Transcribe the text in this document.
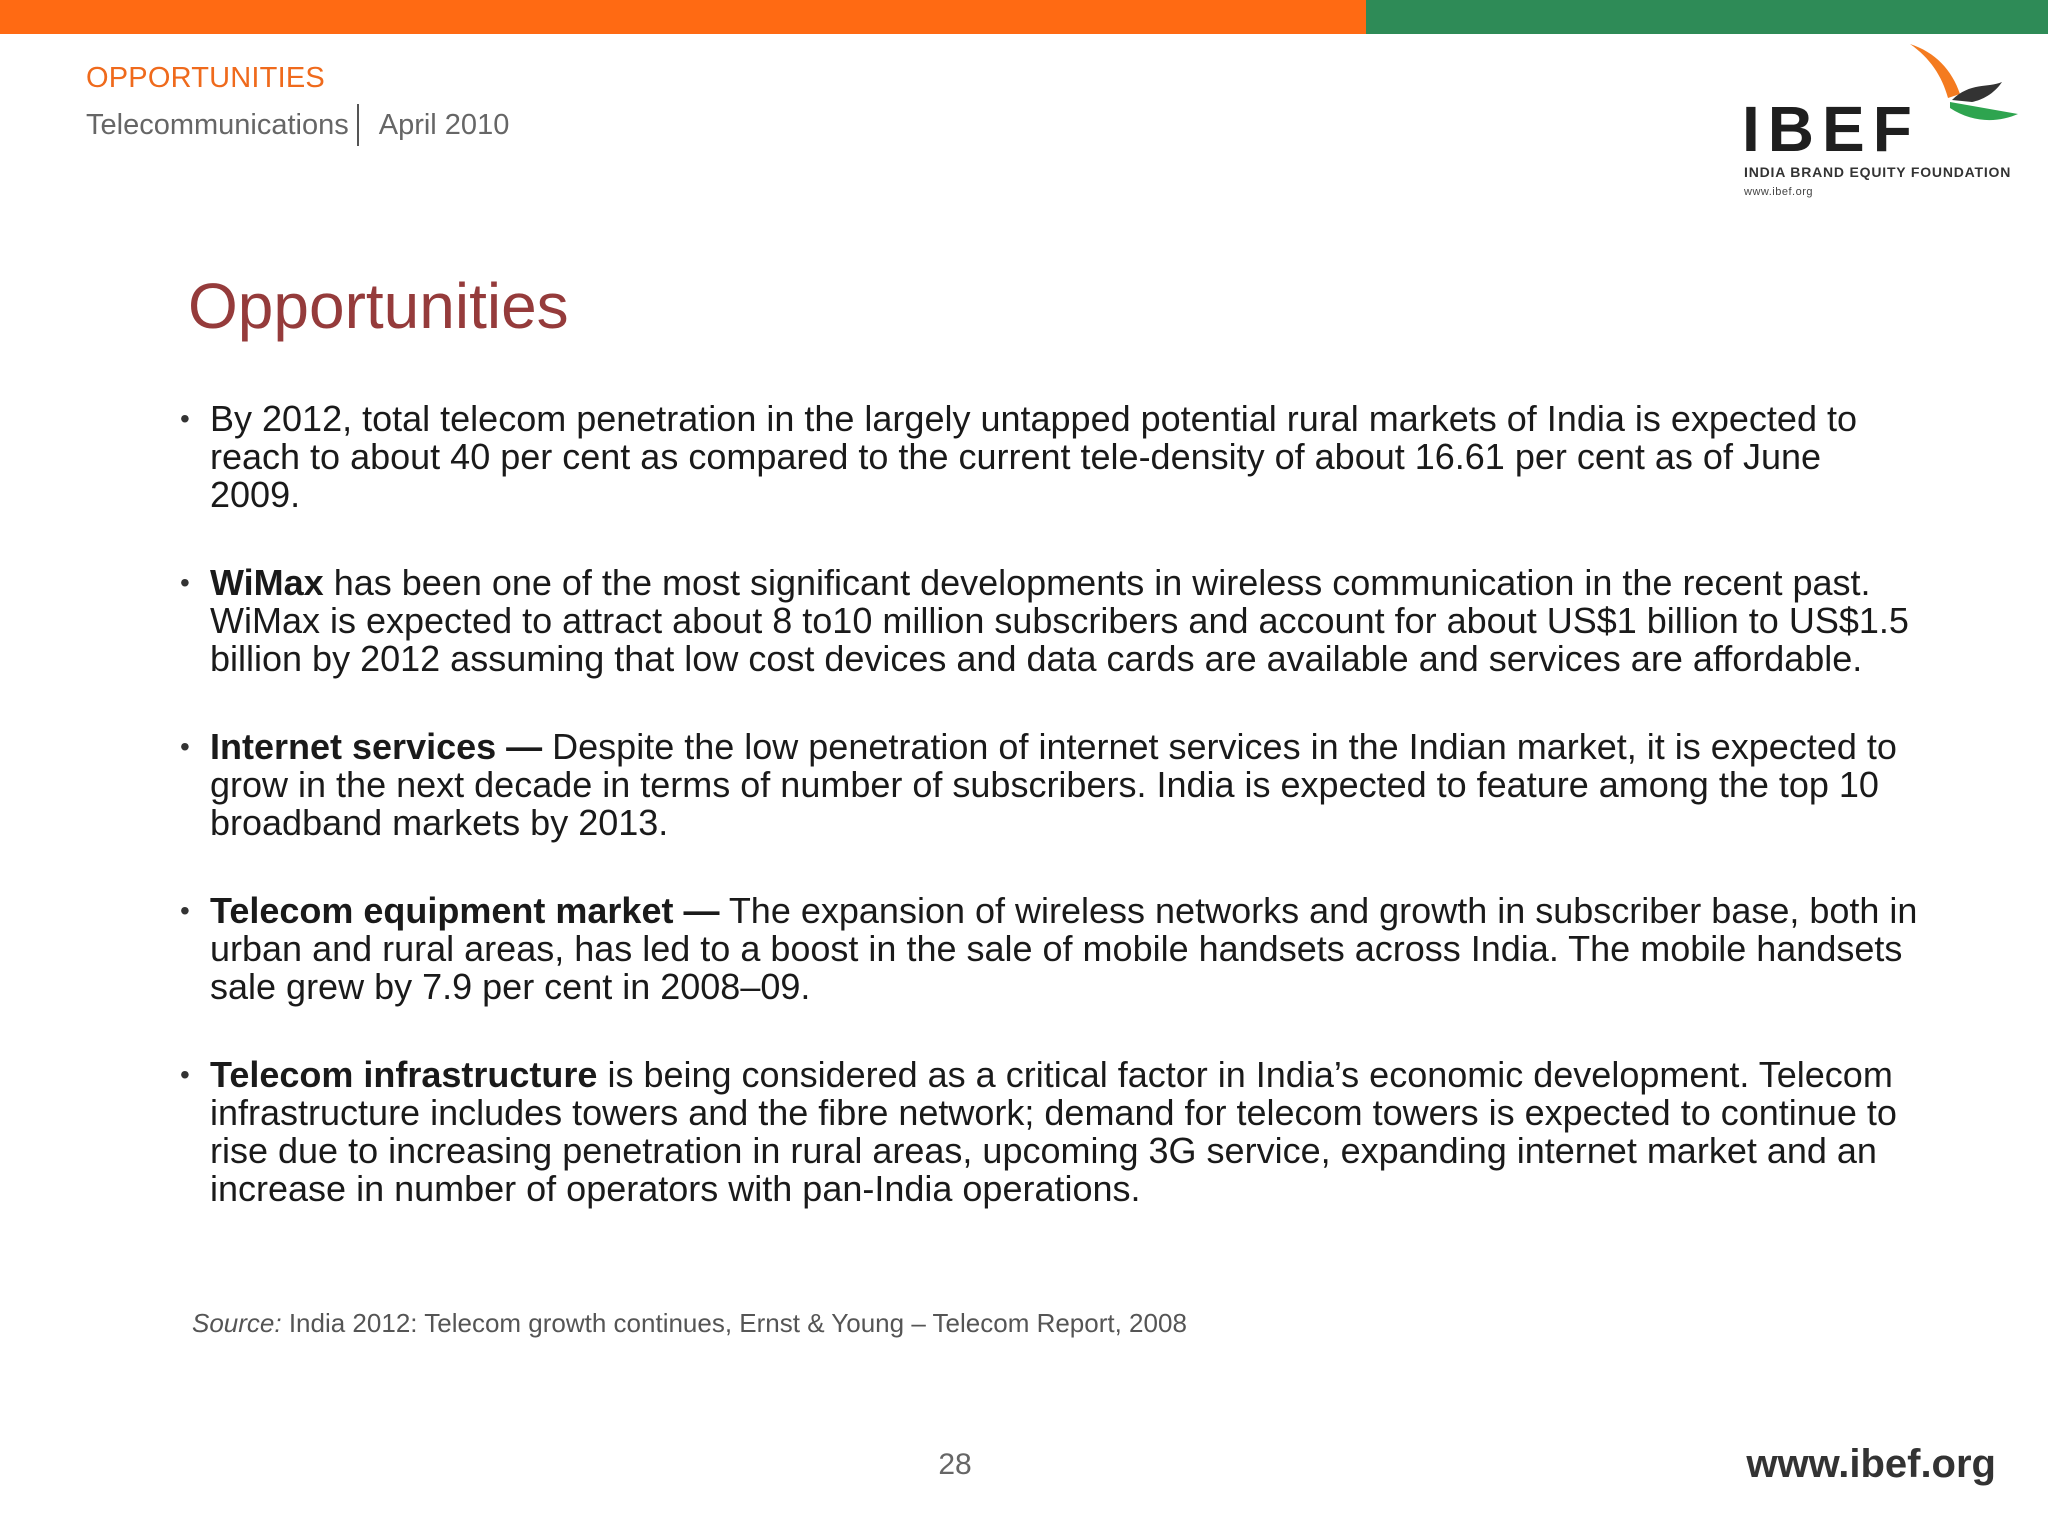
OPPORTUNITIES
Telecommunications April 2010	IBEF
INDIA BRAND EQUITY FOUNDATION
www.ibef.org
Opportunities
• By 2012, total telecom penetration in the largely untapped potential rural markets of India is expected to reach to about 40 per cent as compared to the current tele-density of about 16.61 per cent as of June 2009.
• WiMax has been one of the most significant developments in wireless communication in the recent past. WiMax is expected to attract about 8 to10 million subscribers and account for about US$1 billion to US$1.5 billion by 2012 assuming that low cost devices and data cards are available and services are affordable.
• Internet services — Despite the low penetration of internet services in the Indian market, it is expected to grow in the next decade in terms of number of subscribers. India is expected to feature among the top 10 broadband markets by 2013.
• Telecom equipment market — The expansion of wireless networks and growth in subscriber base, both in urban and rural areas, has led to a boost in the sale of mobile handsets across India. The mobile handsets sale grew by 7.9 per cent in 2008–09.
• Telecom infrastructure is being considered as a critical factor in India’s economic development. Telecom infrastructure includes towers and the fibre network; demand for telecom towers is expected to continue to rise due to increasing penetration in rural areas, upcoming 3G service, expanding internet market and an increase in number of operators with pan-India operations.
Source: India 2012: Telecom growth continues, Ernst & Young – Telecom Report, 2008
28	www.ibef.org
